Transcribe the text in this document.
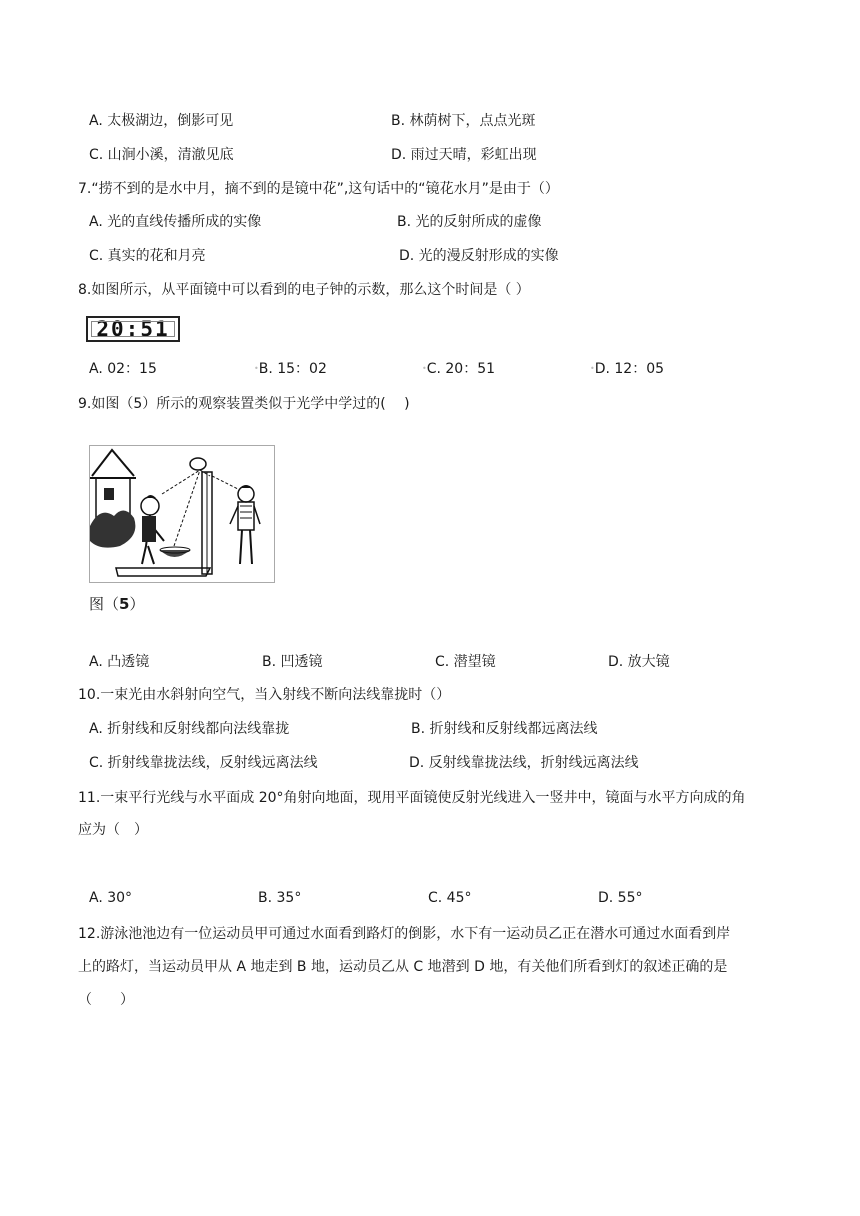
A. 太极湖边，倒影可见	B. 林荫树下，点点光斑
C. 山涧小溪，清澈见底	D. 雨过天晴，彩虹出现
7.“捞不到的是水中月，摘不到的是镜中花”,这句话中的“镜花水月”是由于（）
A. 光的直线传播所成的实像	B. 光的反射所成的虚像
C. 真实的花和月亮	D. 光的漫反射形成的实像
8.如图所示，从平面镜中可以看到的电子钟的示数，那么这个时间是（ ）
20:51
A. 02：15	•B. 15：02	•C. 20：51	•D. 12：05
9.如图（5）所示的观察装置类似于光学中学过的(　 )
图（5）
A. 凸透镜	B. 凹透镜	C. 潜望镜	D. 放大镜
10.一束光由水斜射向空气，当入射线不断向法线靠拢时（）
A. 折射线和反射线都向法线靠拢	B. 折射线和反射线都远离法线
C. 折射线靠拢法线，反射线远离法线	D. 反射线靠拢法线，折射线远离法线
11.一束平行光线与水平面成 20°角射向地面，现用平面镜使反射光线进入一竖井中，镜面与水平方向成的角
应为（　）
A. 30°	B. 35°	C. 45°	D. 55°
12.游泳池池边有一位运动员甲可通过水面看到路灯的倒影，水下有一运动员乙正在潜水可通过水面看到岸
上的路灯，当运动员甲从 A 地走到 B 地，运动员乙从 C 地潜到 D 地，有关他们所看到灯的叙述正确的是
（　　）
